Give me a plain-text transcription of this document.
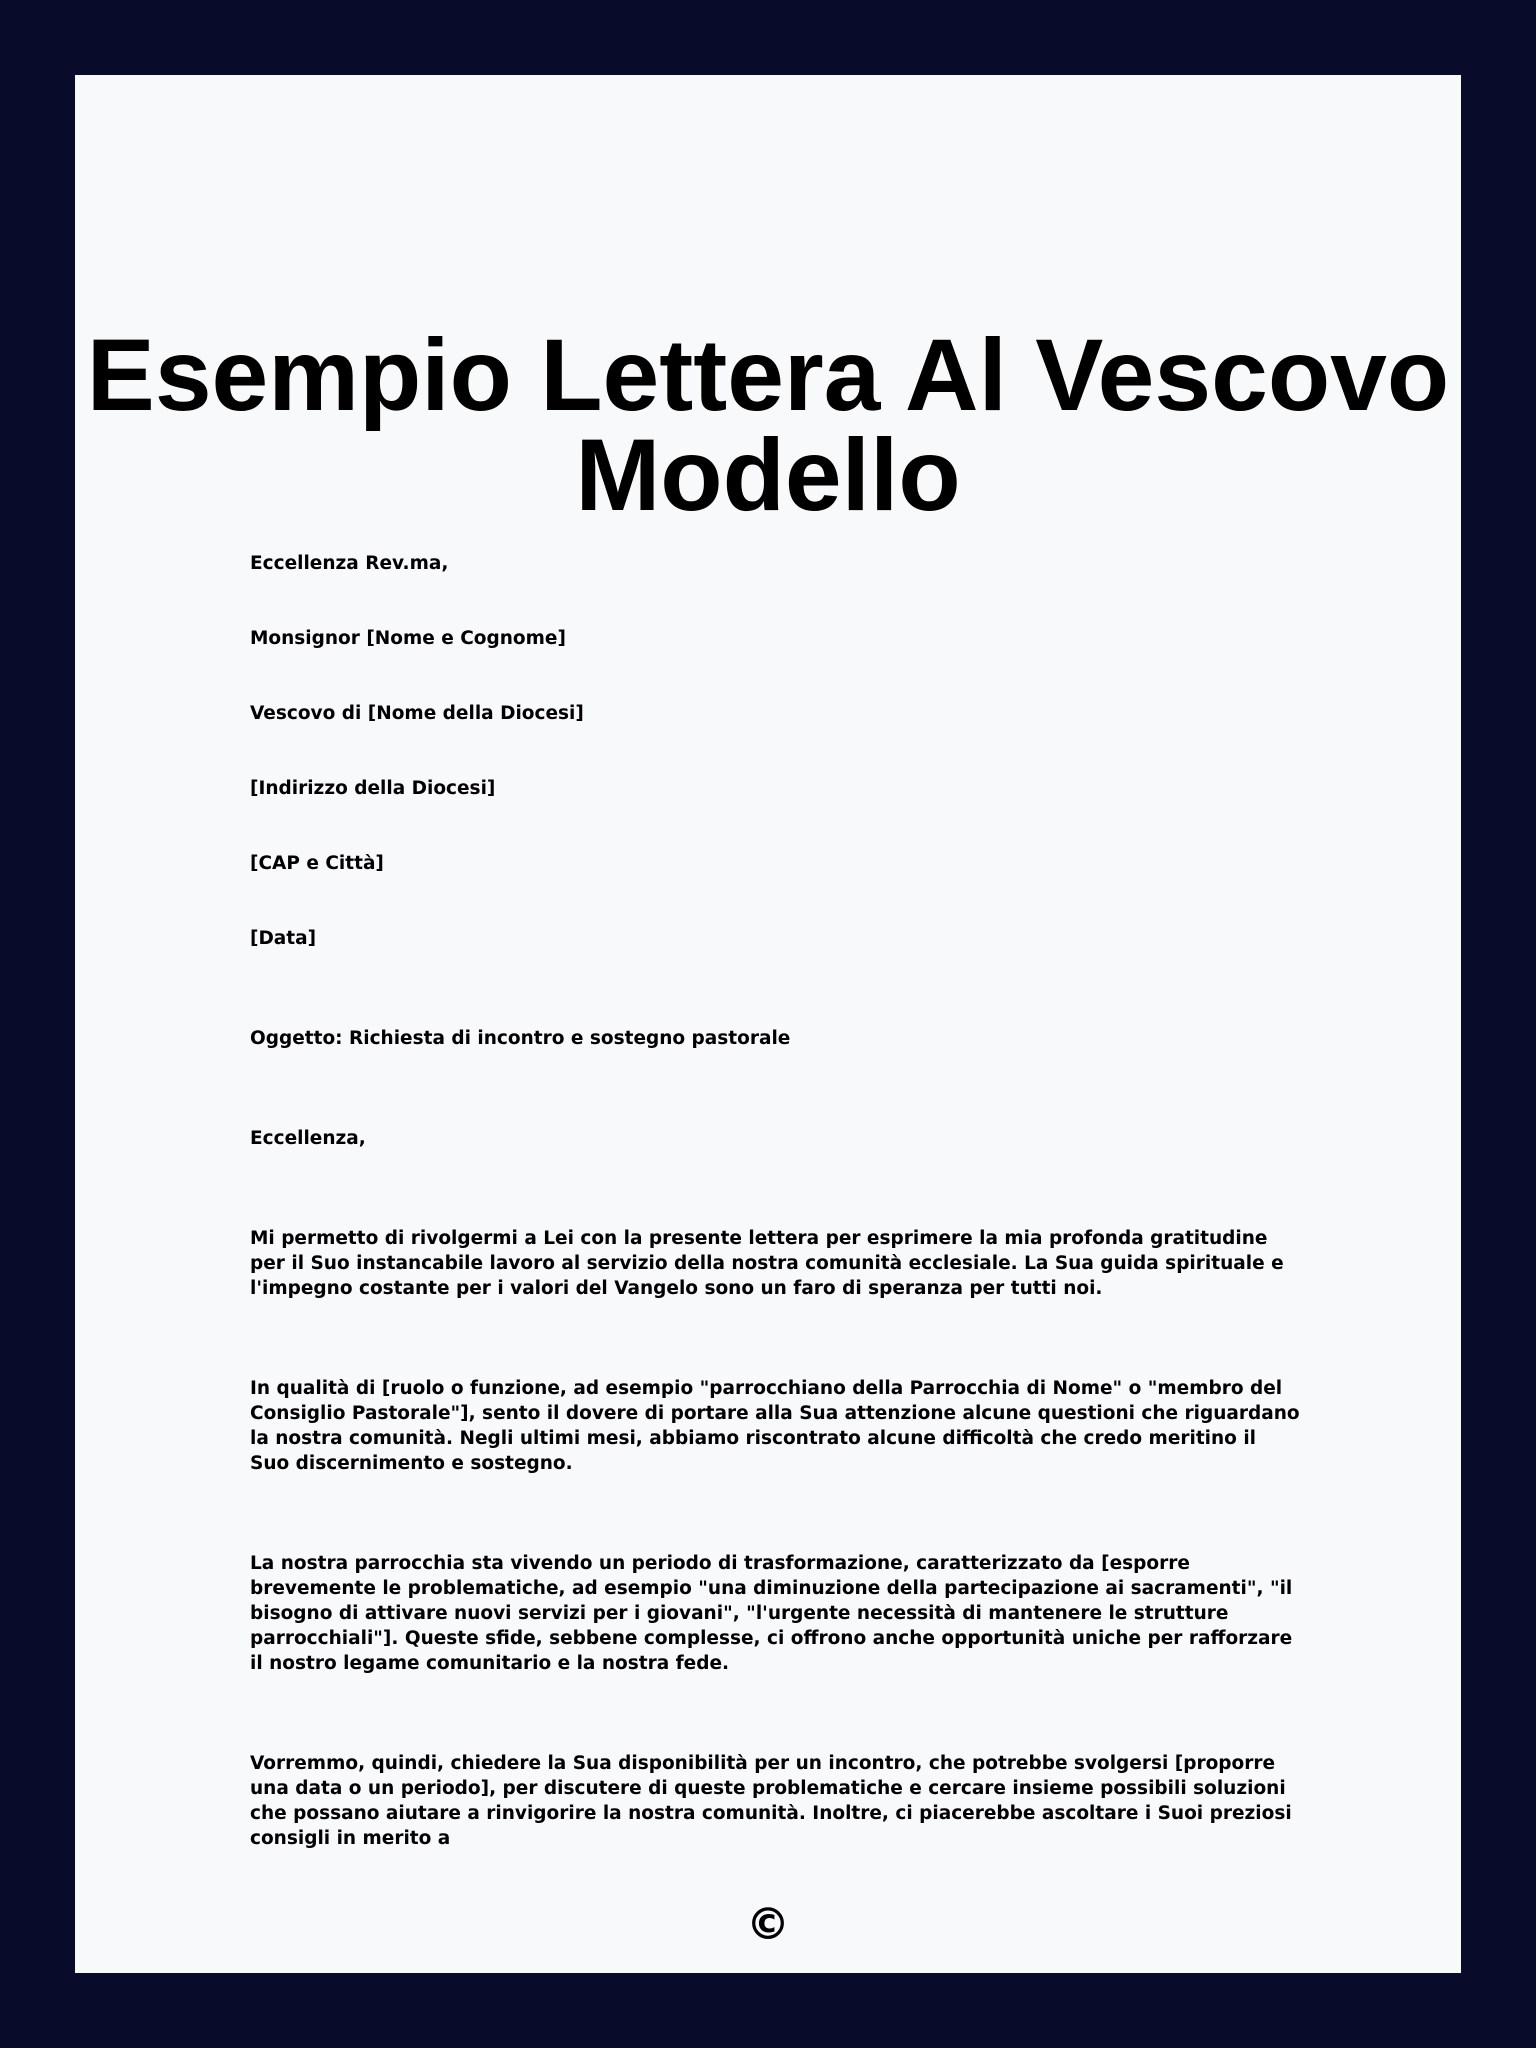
Esempio Lettera Al Vescovo Modello

Eccellenza Rev.ma,

Monsignor [Nome e Cognome]

Vescovo di [Nome della Diocesi]

[Indirizzo della Diocesi]

[CAP e Città]

[Data]

Oggetto: Richiesta di incontro e sostegno pastorale

Eccellenza,

Mi permetto di rivolgermi a Lei con la presente lettera per esprimere la mia profonda gratitudine per il Suo instancabile lavoro al servizio della nostra comunità ecclesiale. La Sua guida spirituale e l'impegno costante per i valori del Vangelo sono un faro di speranza per tutti noi.

In qualità di [ruolo o funzione, ad esempio "parrocchiano della Parrocchia di Nome" o "membro del Consiglio Pastorale"], sento il dovere di portare alla Sua attenzione alcune questioni che riguardano la nostra comunità. Negli ultimi mesi, abbiamo riscontrato alcune difficoltà che credo meritino il Suo discernimento e sostegno.

La nostra parrocchia sta vivendo un periodo di trasformazione, caratterizzato da [esporre brevemente le problematiche, ad esempio "una diminuzione della partecipazione ai sacramenti", "il bisogno di attivare nuovi servizi per i giovani", "l'urgente necessità di mantenere le strutture parrocchiali"]. Queste sfide, sebbene complesse, ci offrono anche opportunità uniche per rafforzare il nostro legame comunitario e la nostra fede.

Vorremmo, quindi, chiedere la Sua disponibilità per un incontro, che potrebbe svolgersi [proporre una data o un periodo], per discutere di queste problematiche e cercare insieme possibili soluzioni che possano aiutare a rinvigorire la nostra comunità. Inoltre, ci piacerebbe ascoltare i Suoi preziosi consigli in merito a

©
